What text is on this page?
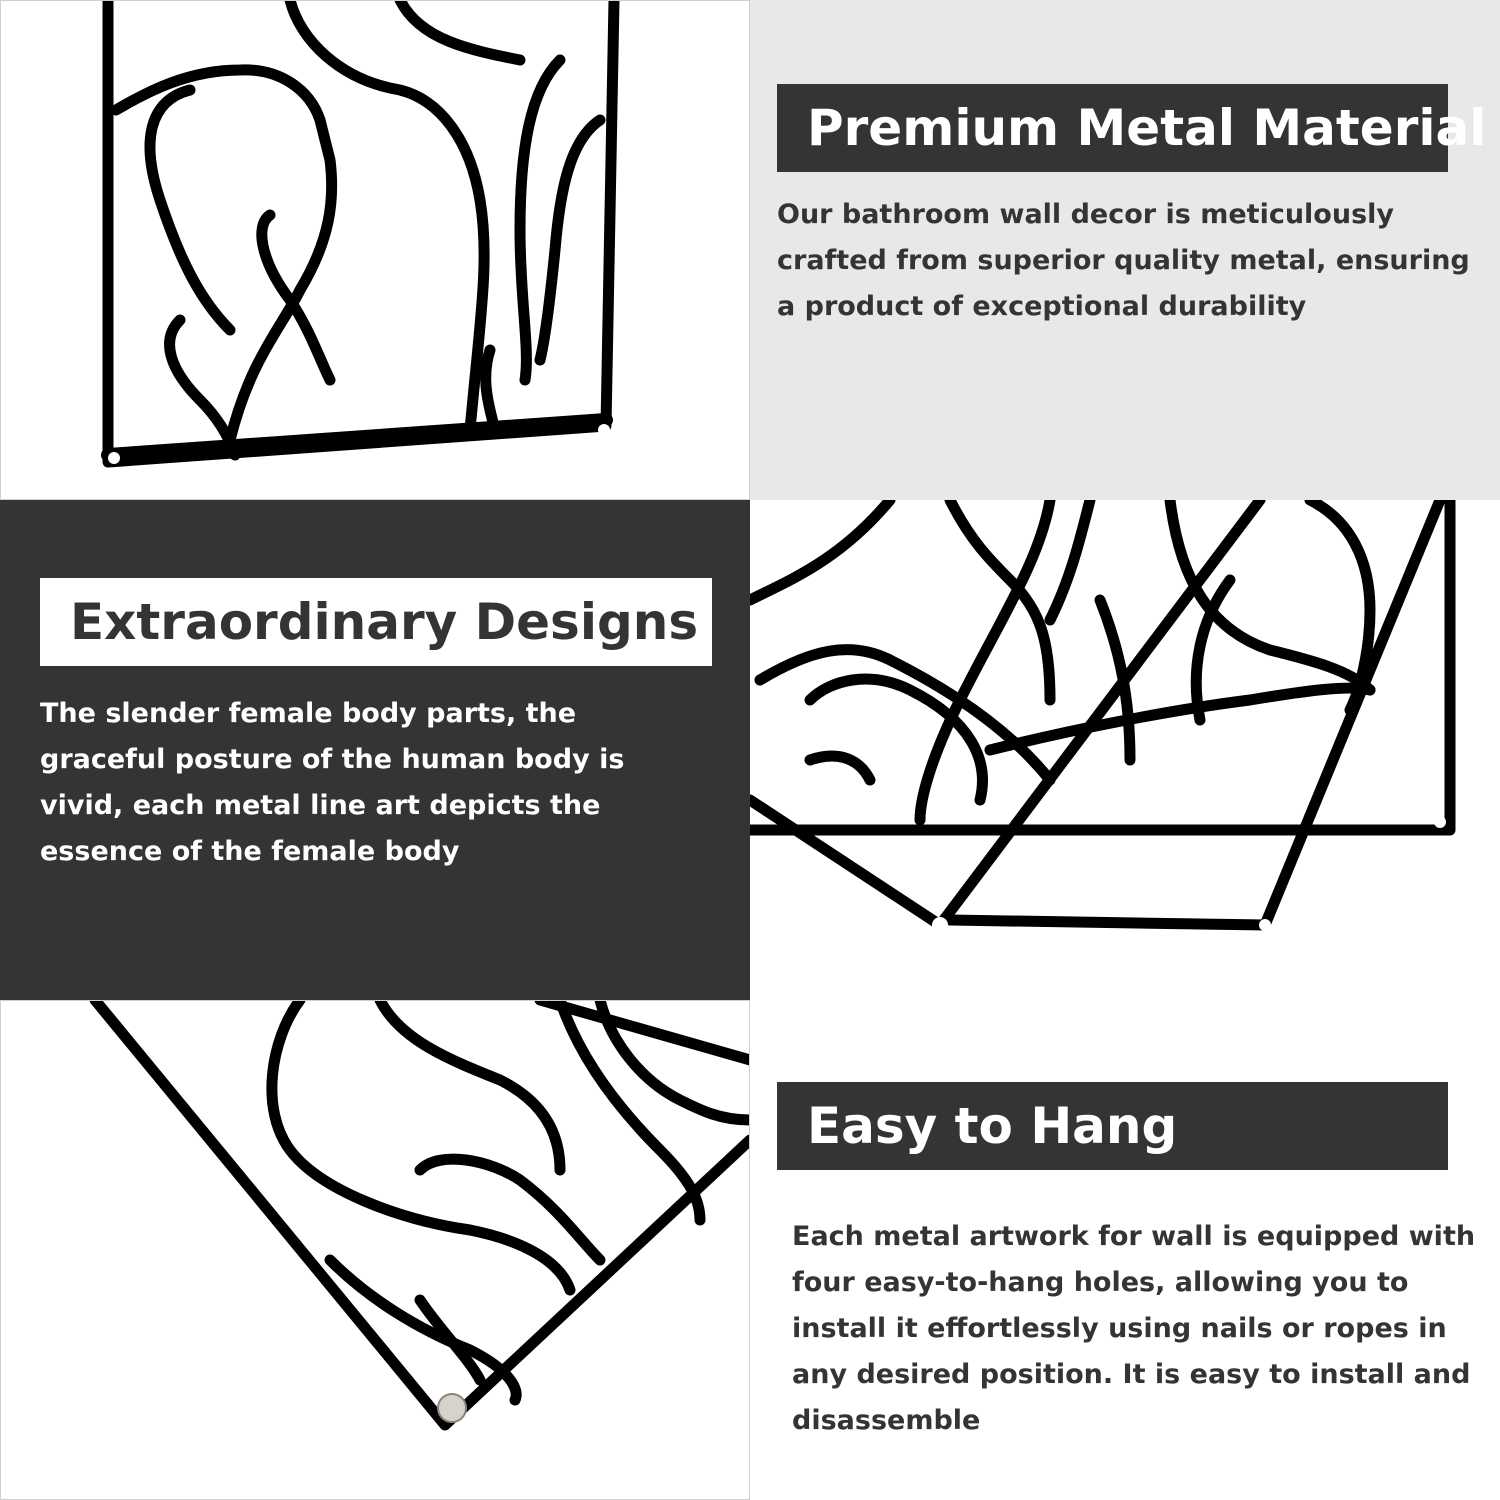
Premium Metal Material
Our bathroom wall decor is meticulously crafted from superior quality metal, ensuring a product of exceptional durability
Extraordinary Designs
The slender female body parts, the graceful posture of the human body is vivid, each metal line art depicts the essence of the female body
Easy to Hang
Each metal artwork for wall is equipped with four easy-to-hang holes, allowing you to install it effortlessly using nails or ropes in any desired position. It is easy to install and disassemble
